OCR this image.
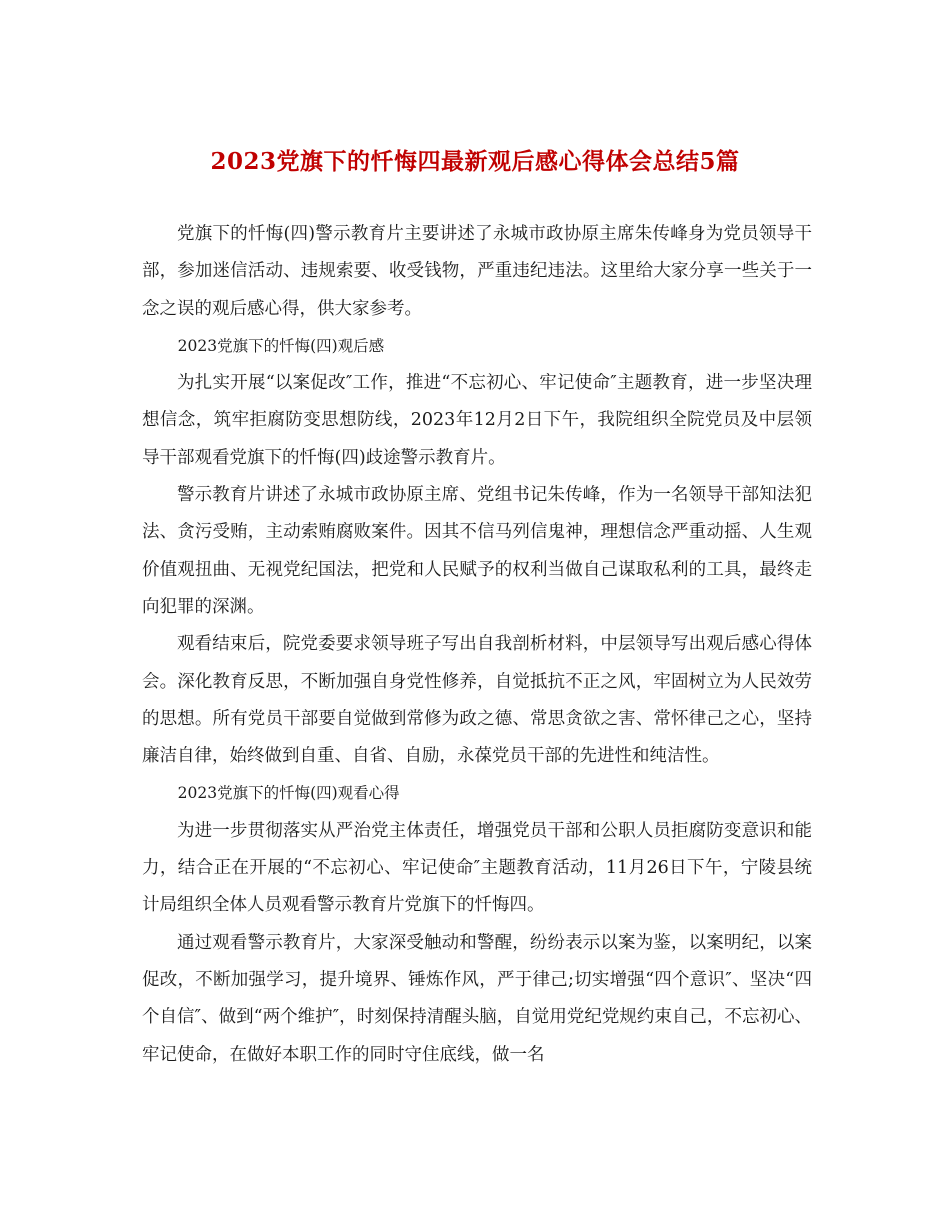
2023党旗下的忏悔四最新观后感心得体会总结5篇

党旗下的忏悔(四)警示教育片主要讲述了永城市政协原主席朱传峰身为党员领导干部，参加迷信活动、违规索要、收受钱物，严重违纪违法。这里给大家分享一些关于一念之误的观后感心得，供大家参考。

2023党旗下的忏悔(四)观后感

为扎实开展“以案促改″工作，推进“不忘初心、牢记使命″主题教育，进一步坚决理想信念，筑牢拒腐防变思想防线，2023年12月2日下午，我院组织全院党员及中层领导干部观看党旗下的忏悔(四)歧途警示教育片。

警示教育片讲述了永城市政协原主席、党组书记朱传峰，作为一名领导干部知法犯法、贪污受贿，主动索贿腐败案件。因其不信马列信鬼神，理想信念严重动摇、人生观价值观扭曲、无视党纪国法，把党和人民赋予的权利当做自己谋取私利的工具，最终走向犯罪的深渊。

观看结束后，院党委要求领导班子写出自我剖析材料，中层领导写出观后感心得体会。深化教育反思，不断加强自身党性修养，自觉抵抗不正之风，牢固树立为人民效劳的思想。所有党员干部要自觉做到常修为政之德、常思贪欲之害、常怀律己之心，坚持廉洁自律，始终做到自重、自省、自励，永葆党员干部的先进性和纯洁性。

2023党旗下的忏悔(四)观看心得

为进一步贯彻落实从严治党主体责任，增强党员干部和公职人员拒腐防变意识和能力，结合正在开展的“不忘初心、牢记使命″主题教育活动，11月26日下午，宁陵县统计局组织全体人员观看警示教育片党旗下的忏悔四。

通过观看警示教育片，大家深受触动和警醒，纷纷表示以案为鉴，以案明纪，以案促改，不断加强学习，提升境界、锤炼作风，严于律己;切实增强“四个意识″、坚决“四个自信″、做到“两个维护″，时刻保持清醒头脑，自觉用党纪党规约束自己，不忘初心、牢记使命，在做好本职工作的同时守住底线，做一名
